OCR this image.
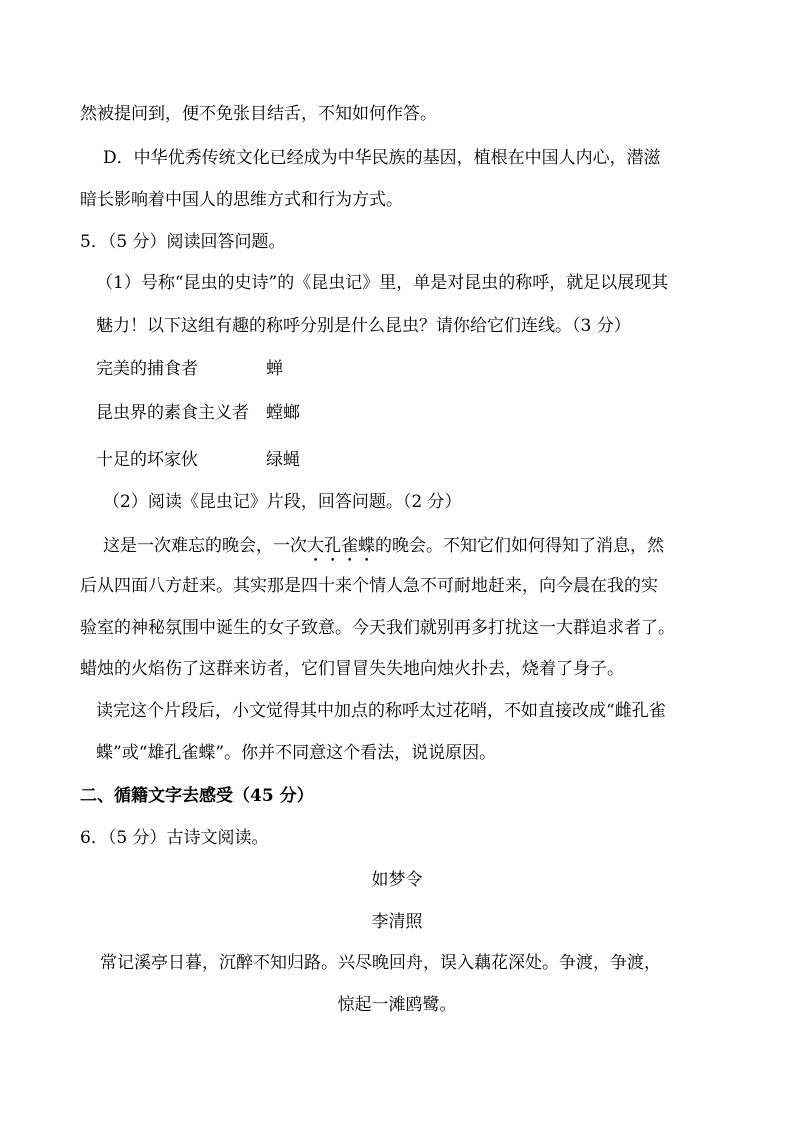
然被提问到，便不免张目结舌，不知如何作答。
D．中华优秀传统文化已经成为中华民族的基因，植根在中国人内心，潜滋
暗长影响着中国人的思维方式和行为方式。
5．（5 分）阅读回答问题。
（1）号称“昆虫的史诗”的《昆虫记》里，单是对昆虫的称呼，就足以展现其
魅力！以下这组有趣的称呼分别是什么昆虫？请你给它们连线。（3 分）
完美的捕食者	蝉
昆虫界的素食主义者 螳螂
十足的坏家伙	绿蝇
（2）阅读《昆虫记》片段，回答问题。（2 分）
这是一次难忘的晚会，一次大孔雀蝶的晚会。不知它们如何得知了消息，然
后从四面八方赶来。其实那是四十来个情人急不可耐地赶来，向今晨在我的实
验室的神秘氛围中诞生的女子致意。今天我们就别再多打扰这一大群追求者了。
蜡烛的火焰伤了这群来访者，它们冒冒失失地向烛火扑去，烧着了身子。
读完这个片段后，小文觉得其中加点的称呼太过花哨，不如直接改成“雌孔雀
蝶”或“雄孔雀蝶”。你并不同意这个看法，说说原因。
二、循籍文字去感受（45 分）
6．（5 分）古诗文阅读。
如梦令
李清照
常记溪亭日暮，沉醉不知归路。兴尽晚回舟，误入藕花深处。争渡，争渡，
惊起一滩鸥鹭。
